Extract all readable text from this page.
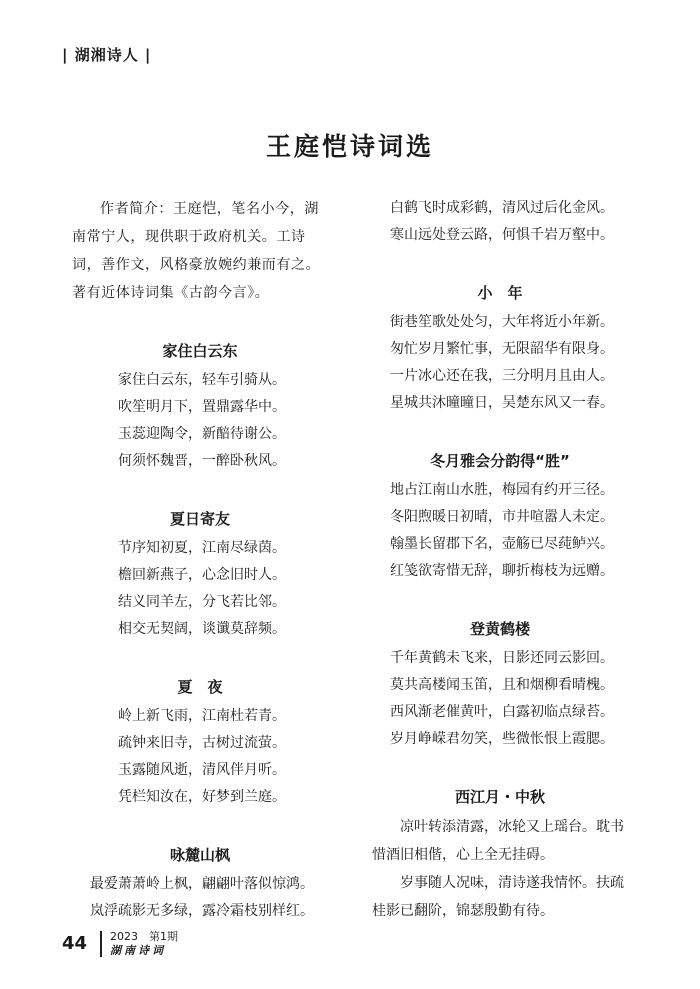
| 湖湘诗人 |
王庭恺诗词选

作者简介：王庭恺，笔名小今，湖南常宁人，现供职于政府机关。工诗词，善作文，风格豪放婉约兼而有之。著有近体诗词集《古韵今言》。

家住白云东

家住白云东，轻车引骑从。

吹笙明月下，置鼎露华中。

玉蕊迎陶令，新醅待谢公。

何须怀魏晋，一醉卧秋风。

夏日寄友

节序知初夏，江南尽绿茵。

檐回新燕子，心念旧时人。

结义同羊左，分飞若比邻。

相交无契阔，谈谶莫辞频。

夏　夜

岭上新飞雨，江南杜若青。

疏钟来旧寺，古树过流萤。

玉露随风逝，清风伴月听。

凭栏知汝在，好梦到兰庭。

咏麓山枫

最爱萧萧岭上枫，翩翩叶落似惊鸿。

岚浮疏影无多绿，露冷霜枝别样红。

白鹤飞时成彩鹤，清风过后化金风。

寒山远处登云路，何惧千岩万壑中。

小　年

街巷笙歌处处匀，大年将近小年新。

匆忙岁月繁忙事，无限韶华有限身。

一片冰心还在我，三分明月且由人。

星城共沐曈曈日，吴楚东风又一春。

冬月雅会分韵得“胜”

地占江南山水胜，梅园有约开三径。

冬阳煦暖日初晴，市井喧嚣人未定。

翰墨长留郡下名，壶觞已尽莼鲈兴。

红笺欲寄惜无辞，聊折梅枝为远赠。

登黄鹤楼

千年黄鹤未飞来，日影还同云影回。

莫共高楼闻玉笛，且和烟柳看晴槐。

西风渐老催黄叶，白露初临点绿苔。

岁月峥嵘君勿笑，些微怅恨上霞腮。

西江月・中秋

凉叶转添清露，冰轮又上瑶台。耽书惜酒旧相偕，心上全无挂碍。

岁事随人况味，清诗遂我情怀。扶疏桂影已翻阶，锦瑟殷勤有待。

44 2023　第1期
湖南诗词
